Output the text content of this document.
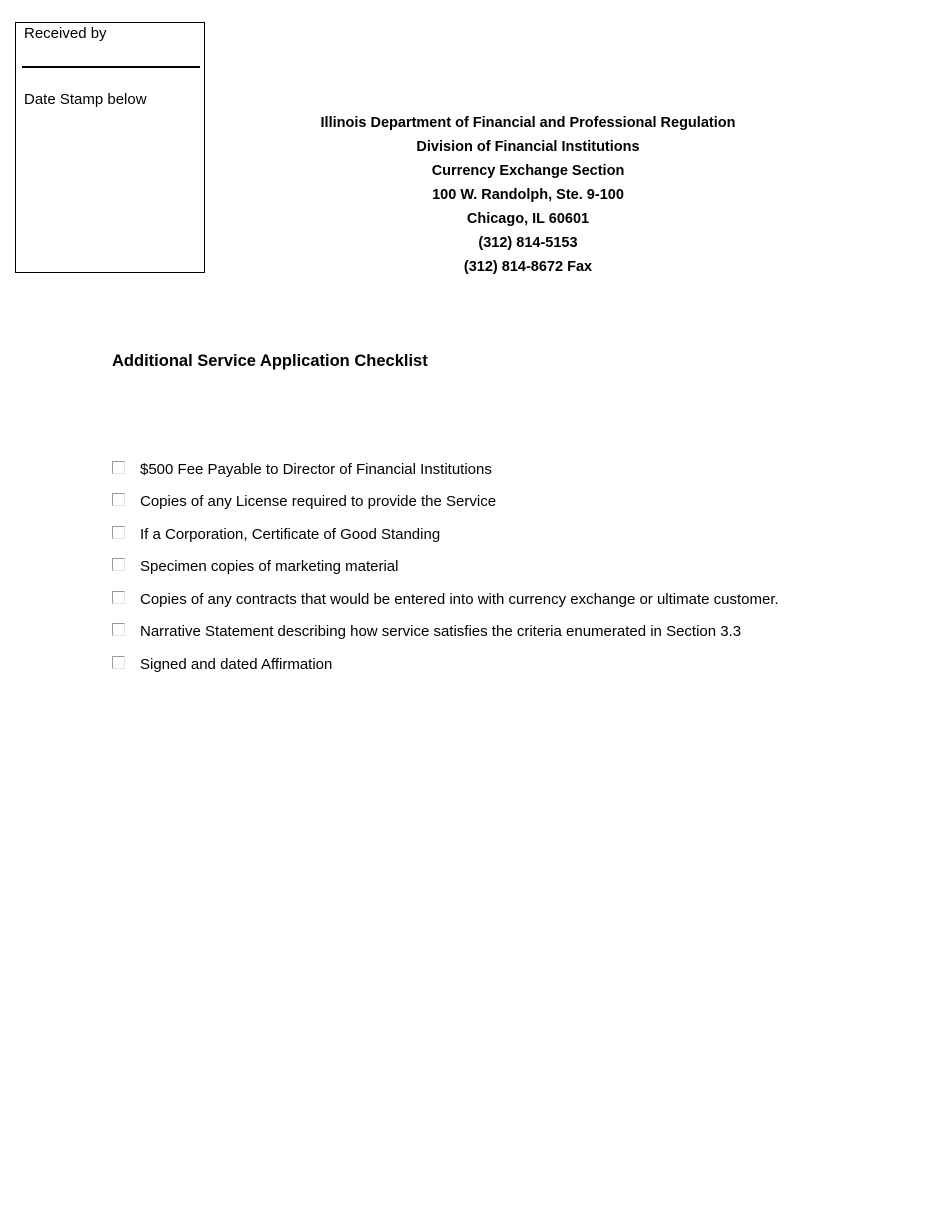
Received by
Date Stamp below
Illinois Department of Financial and Professional Regulation
Division of Financial Institutions
Currency Exchange Section
100 W. Randolph, Ste. 9-100
Chicago, IL 60601
(312) 814-5153
(312) 814-8672 Fax
Additional Service Application Checklist
$500 Fee Payable to Director of Financial Institutions
Copies of any License required to provide the Service
If a Corporation, Certificate of Good Standing
Specimen copies of marketing material
Copies of any contracts that would be entered into with currency exchange or ultimate customer.
Narrative Statement describing how service satisfies the criteria enumerated in Section 3.3
Signed and dated Affirmation
